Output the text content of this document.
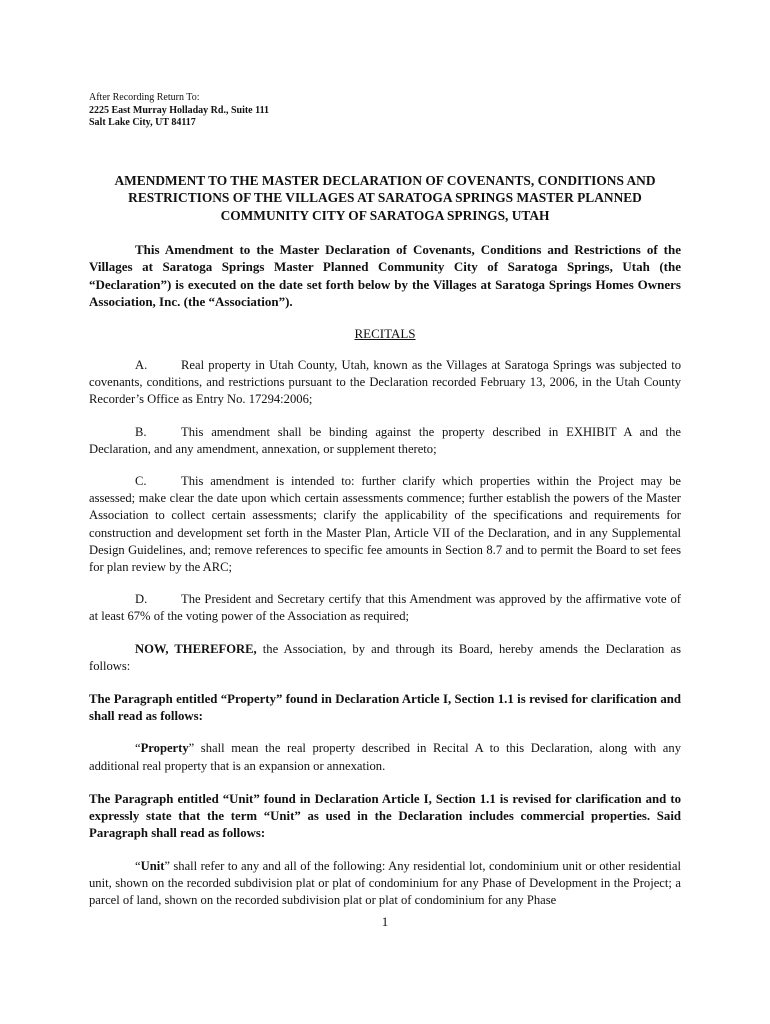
After Recording Return To:
2225 East Murray Holladay Rd., Suite 111
Salt Lake City, UT 84117
AMENDMENT TO THE MASTER DECLARATION OF COVENANTS, CONDITIONS AND RESTRICTIONS OF THE VILLAGES AT SARATOGA SPRINGS MASTER PLANNED COMMUNITY CITY OF SARATOGA SPRINGS, UTAH
This Amendment to the Master Declaration of Covenants, Conditions and Restrictions of the Villages at Saratoga Springs Master Planned Community City of Saratoga Springs, Utah (the “Declaration”) is executed on the date set forth below by the Villages at Saratoga Springs Homes Owners Association, Inc. (the “Association”).
RECITALS
A.	Real property in Utah County, Utah, known as the Villages at Saratoga Springs was subjected to covenants, conditions, and restrictions pursuant to the Declaration recorded February 13, 2006, in the Utah County Recorder’s Office as Entry No. 17294:2006;
B.	This amendment shall be binding against the property described in EXHIBIT A and the Declaration, and any amendment, annexation, or supplement thereto;
C.	This amendment is intended to: further clarify which properties within the Project may be assessed; make clear the date upon which certain assessments commence; further establish the powers of the Master Association to collect certain assessments; clarify the applicability of the specifications and requirements for construction and development set forth in the Master Plan, Article VII of the Declaration, and in any Supplemental Design Guidelines, and; remove references to specific fee amounts in Section 8.7 and to permit the Board to set fees for plan review by the ARC;
D.	The President and Secretary certify that this Amendment was approved by the affirmative vote of at least 67% of the voting power of the Association as required;
NOW, THEREFORE, the Association, by and through its Board, hereby amends the Declaration as follows:
The Paragraph entitled “Property” found in Declaration Article I, Section 1.1 is revised for clarification and shall read as follows:
“Property” shall mean the real property described in Recital A to this Declaration, along with any additional real property that is an expansion or annexation.
The Paragraph entitled “Unit” found in Declaration Article I, Section 1.1 is revised for clarification and to expressly state that the term “Unit” as used in the Declaration includes commercial properties. Said Paragraph shall read as follows:
“Unit” shall refer to any and all of the following: Any residential lot, condominium unit or other residential unit, shown on the recorded subdivision plat or plat of condominium for any Phase of Development in the Project; a parcel of land, shown on the recorded subdivision plat or plat of condominium for any Phase
1
